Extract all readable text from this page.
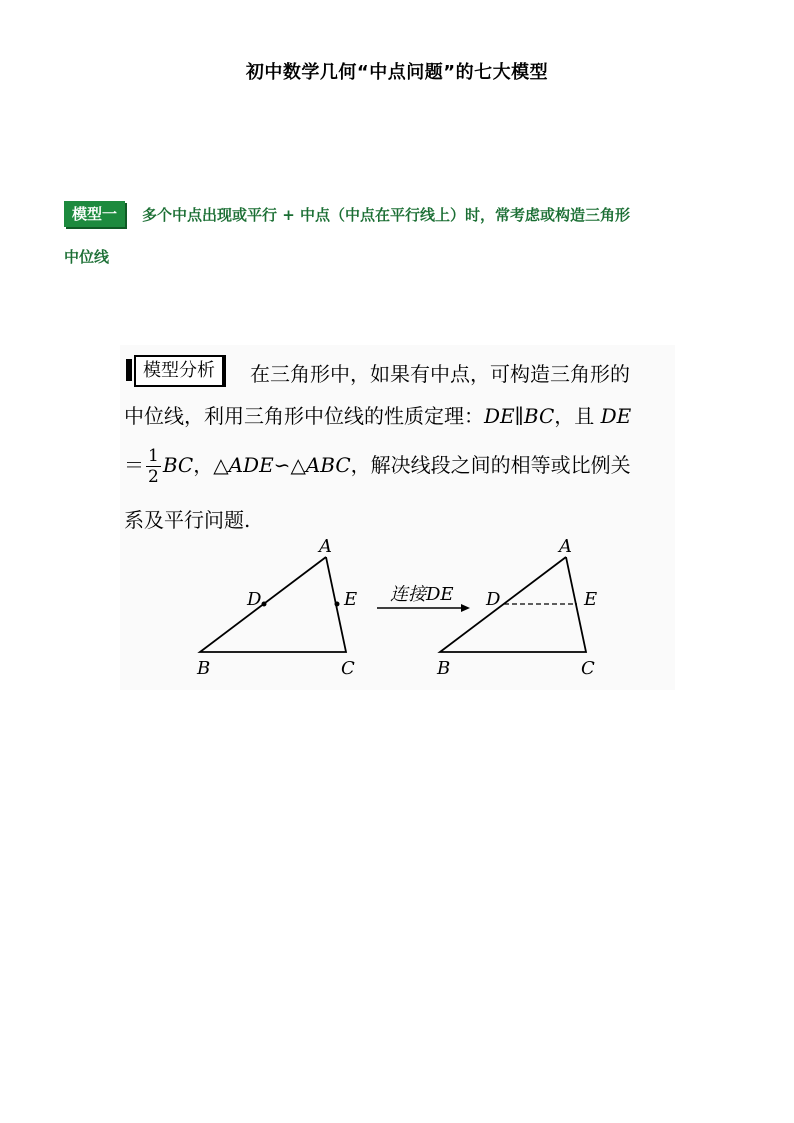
初中数学几何“中点问题”的七大模型
模型一	多个中点出现或平行 + 中点（中点在平行线上）时，常考虑或构造三角形
中位线
模型分析	在三角形中，如果有中点，可构造三角形的
中位线，利用三角形中位线的性质定理：DE∥BC，且 DE
＝ $\frac{1}{2}$ BC，△ADE∽△ABC，解决线段之间的相等或比例关
系及平行问题.
A
B	C
D	E 连接DE
A
B	C
D	E
